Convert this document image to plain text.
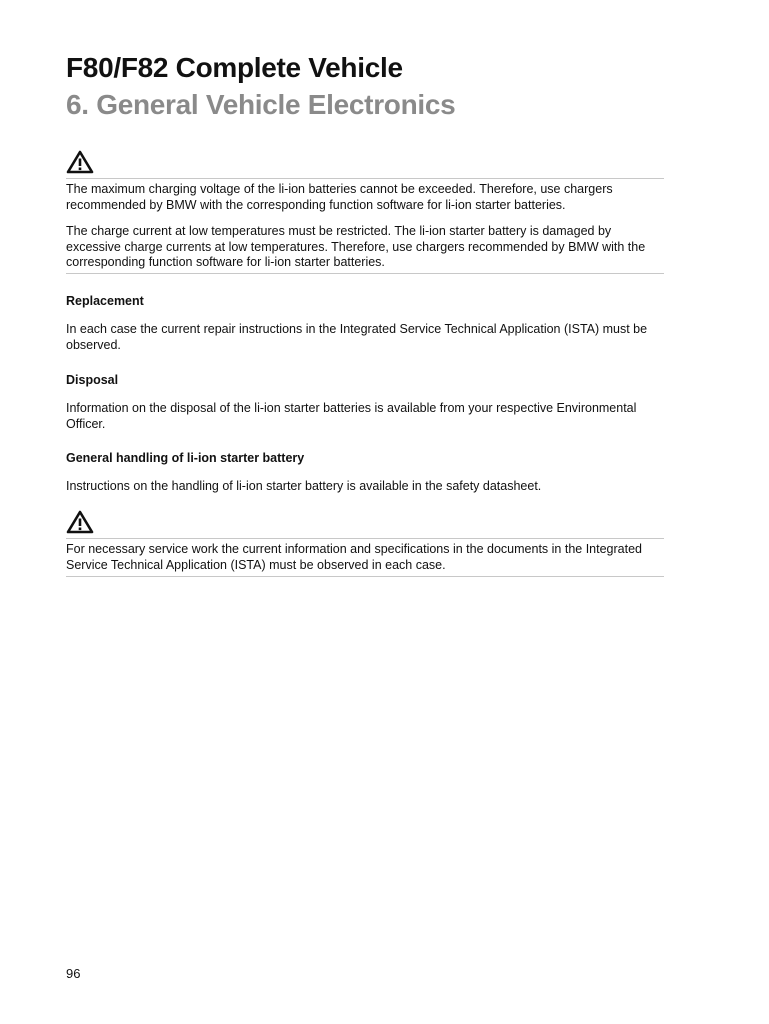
F80/F82 Complete Vehicle
6. General Vehicle Electronics

The maximum charging voltage of the li-ion batteries cannot be exceeded. Therefore, use chargers recommended by BMW with the corresponding function software for li-ion starter batteries.

The charge current at low temperatures must be restricted. The li-ion starter battery is damaged by excessive charge currents at low temperatures. Therefore, use chargers recommended by BMW with the corresponding function software for li-ion starter batteries.

Replacement

In each case the current repair instructions in the Integrated Service Technical Application (ISTA) must be observed.

Disposal

Information on the disposal of the li-ion starter batteries is available from your respective Environmental Officer.

General handling of li-ion starter battery

Instructions on the handling of li-ion starter battery is available in the safety datasheet.

For necessary service work the current information and specifications in the documents in the Integrated Service Technical Application (ISTA) must be observed in each case.

96
